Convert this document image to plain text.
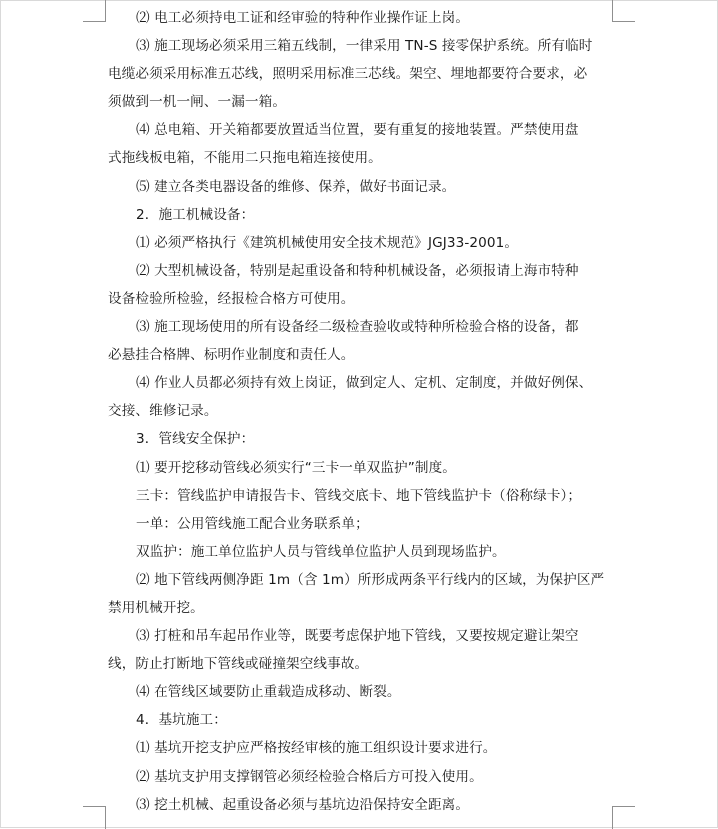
⑵ 电工必须持电工证和经审验的特种作业操作证上岗。

⑶ 施工现场必须采用三箱五线制，一律采用 TN-S 接零保护系统。所有临时

电缆必须采用标准五芯线，照明采用标准三芯线。架空、埋地都要符合要求，必

须做到一机一闸、一漏一箱。

⑷ 总电箱、开关箱都要放置适当位置，要有重复的接地装置。严禁使用盘

式拖线板电箱，不能用二只拖电箱连接使用。

⑸ 建立各类电器设备的维修、保养，做好书面记录。

2．施工机械设备：

⑴ 必须严格执行《建筑机械使用安全技术规范》JGJ33-2001。

⑵ 大型机械设备，特别是起重设备和特种机械设备，必须报请上海市特种

设备检验所检验，经报检合格方可使用。

⑶ 施工现场使用的所有设备经二级检查验收或特种所检验合格的设备，都

必悬挂合格牌、标明作业制度和责任人。

⑷ 作业人员都必须持有效上岗证，做到定人、定机、定制度，并做好例保、

交接、维修记录。

3．管线安全保护：

⑴ 要开挖移动管线必须实行“三卡一单双监护”制度。

三卡：管线监护申请报告卡、管线交底卡、地下管线监护卡（俗称绿卡）；

一单：公用管线施工配合业务联系单；

双监护：施工单位监护人员与管线单位监护人员到现场监护。

⑵ 地下管线两侧净距 1m（含 1m）所形成两条平行线内的区域，为保护区严

禁用机械开挖。

⑶ 打桩和吊车起吊作业等，既要考虑保护地下管线，又要按规定避让架空

线，防止打断地下管线或碰撞架空线事故。

⑷ 在管线区域要防止重载造成移动、断裂。

4．基坑施工：

⑴ 基坑开挖支护应严格按经审核的施工组织设计要求进行。

⑵ 基坑支护用支撑钢管必须经检验合格后方可投入使用。

⑶ 挖土机械、起重设备必须与基坑边沿保持安全距离。
